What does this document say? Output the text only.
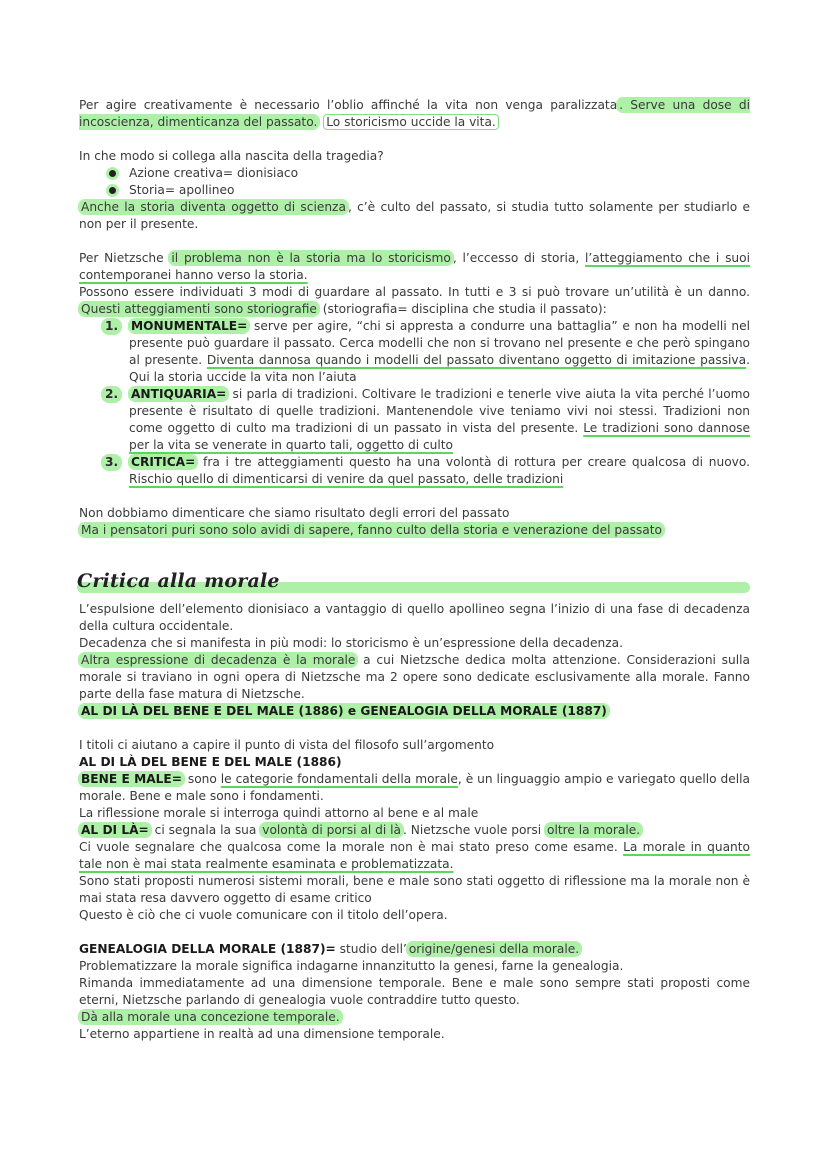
Per agire creativamente è necessario l’oblio affinché la vita non venga paralizzata . Serve una dose di incoscienza, dimenticanza del passato. Lo storicismo uccide la vita.

In che modo si collega alla nascita della tragedia?

Azione creativa= dionisiaco
Storia= apollineo

Anche la storia diventa oggetto di scienza , c’è culto del passato, si studia tutto solamente per studiarlo e non per il presente.

Per Nietzsche il problema non è la storia ma lo storicismo , l’eccesso di storia, l’atteggiamento che i suoi contemporanei hanno verso la storia.

Possono essere individuati 3 modi di guardare al passato. In tutti e 3 si può trovare un’utilità è un danno. Questi atteggiamenti sono storiografie (storiografia= disciplina che studia il passato):

1.	MONUMENTALE= serve per agire, “chi si appresta a condurre una battaglia” e non ha modelli nel presente può guardare il passato. Cerca modelli che non si trovano nel presente e che però spingano al presente. Diventa dannosa quando i modelli del passato diventano oggetto di imitazione passiva. Qui la storia uccide la vita non l’aiuta

2.	ANTIQUARIA= si parla di tradizioni. Coltivare le tradizioni e tenerle vive aiuta la vita perché l’uomo presente è risultato di quelle tradizioni. Mantenendole vive teniamo vivi noi stessi. Tradizioni non come oggetto di culto ma tradizioni di un passato in vista del presente. Le tradizioni sono dannose per la vita se venerate in quarto tali, oggetto di culto

3.	CRITICA= fra i tre atteggiamenti questo ha una volontà di rottura per creare qualcosa di nuovo. Rischio quello di dimenticarsi di venire da quel passato, delle tradizioni

Non dobbiamo dimenticare che siamo risultato degli errori del passato

Ma i pensatori puri sono solo avidi di sapere, fanno culto della storia e venerazione del passato

Critica alla morale

L’espulsione dell’elemento dionisiaco a vantaggio di quello apollineo segna l’inizio di una fase di decadenza della cultura occidentale.

Decadenza che si manifesta in più modi: lo storicismo è un’espressione della decadenza.

Altra espressione di decadenza è la morale a cui Nietzsche dedica molta attenzione. Considerazioni sulla morale si traviano in ogni opera di Nietzsche ma 2 opere sono dedicate esclusivamente alla morale. Fanno parte della fase matura di Nietzsche.

AL DI LÀ DEL BENE E DEL MALE (1886) e GENEALOGIA DELLA MORALE (1887)

I titoli ci aiutano a capire il punto di vista del filosofo sull’argomento

AL DI LÀ DEL BENE E DEL MALE (1886)

BENE E MALE= sono le categorie fondamentali della morale, è un linguaggio ampio e variegato quello della morale. Bene e male sono i fondamenti.

La riflessione morale si interroga quindi attorno al bene e al male

AL DI LÀ= ci segnala la sua volontà di porsi al di là . Nietzsche vuole porsi oltre la morale.

Ci vuole segnalare che qualcosa come la morale non è mai stato preso come esame. La morale in quanto tale non è mai stata realmente esaminata e problematizzata.

Sono stati proposti numerosi sistemi morali, bene e male sono stati oggetto di riflessione ma la morale non è mai stata resa davvero oggetto di esame critico

Questo è ciò che ci vuole comunicare con il titolo dell’opera.

GENEALOGIA DELLA MORALE (1887)= studio dell’ origine/genesi della morale.

Problematizzare la morale significa indagarne innanzitutto la genesi, farne la genealogia.

Rimanda immediatamente ad una dimensione temporale. Bene e male sono sempre stati proposti come eterni, Nietzsche parlando di genealogia vuole contraddire tutto questo.

Dà alla morale una concezione temporale.

L’eterno appartiene in realtà ad una dimensione temporale.
